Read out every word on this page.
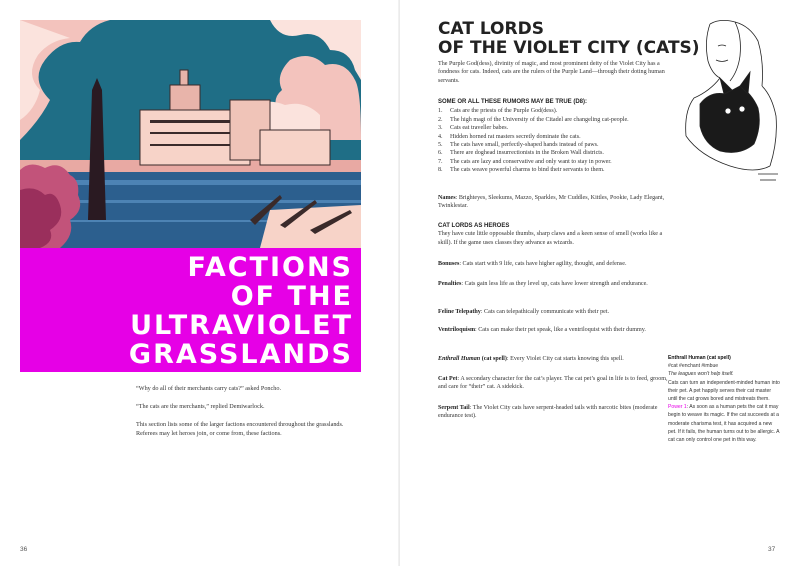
FACTIONS
OF THE
ULTRAVIOLET
GRASSLANDS

“Why do all of their merchants carry cats?” asked Poncho.

“The cats are the merchants,” replied Demiwarlock.

This section lists some of the larger factions encountered throughout the grasslands. Referees may let heroes join, or come from, these factions.

36
CAT LORDS
OF THE VIOLET CITY (CATS)
The Purple God(dess), divinity of magic, and most prominent deity of the Violet City has a fondness for cats. Indeed, cats are the rulers of the Purple Land—through their doting human servants.
SOME OR ALL THESE RUMORS MAY BE TRUE (D8):
1. Cats are the priests of the Purple God(dess).
2. The high magi of the University of the Citadel are changeling cat-people.
3. Cats eat traveller babes.
4. Hidden horned rat masters secretly dominate the cats.
5. The cats have small, perfectly-shaped hands instead of paws.
6. There are doghead insurrectionists in the Broken Wall districts.
7. The cats are lazy and conservative and only want to stay in power.
8. The cats weave powerful charms to bind their servants to them.
Names: Brighteyes, Sleekums, Mazzo, Sparkles, Mr Cuddles, Kittles, Pookie, Lady Elegant, Twinklestar.
CAT LORDS AS HEROES
They have cute little opposable thumbs, sharp claws and a keen sense of smell (works like a skill). If the game uses classes they advance as wizards.
Bonuses: Cats start with 9 life, cats have higher agility, thought, and defense.
Penalties: Cats gain less life as they level up, cats have lower strength and endurance.
Feline Telepathy: Cats can telepathically communicate with their pet.
Ventriloquism: Cats can make their pet speak, like a ventriloquist with their dummy.
Enthrall Human (cat spell): Every Violet City cat starts knowing this spell.
Cat Pet: A secondary character for the cat’s player. The cat pet’s goal in life is to feed, groom, and care for “their” cat. A sidekick.
Serpent Tail: The Violet City cats have serpent-headed tails with narcotic bites (moderate endurance test).
Enthrall Human (cat spell)
#cat #enchant #imbue
The leagues won’t help itself.
Cats can turn an independent-minded human into their pet. A pet happily serves their cat master until the cat grows bored and mistreats them.
Power 1: As soon as a human pets the cat it may begin to weave its magic. If the cat succeeds at a moderate charisma test, it has acquired a new pet. If it fails, the human turns out to be allergic. A cat can only control one pet in this way.
37
